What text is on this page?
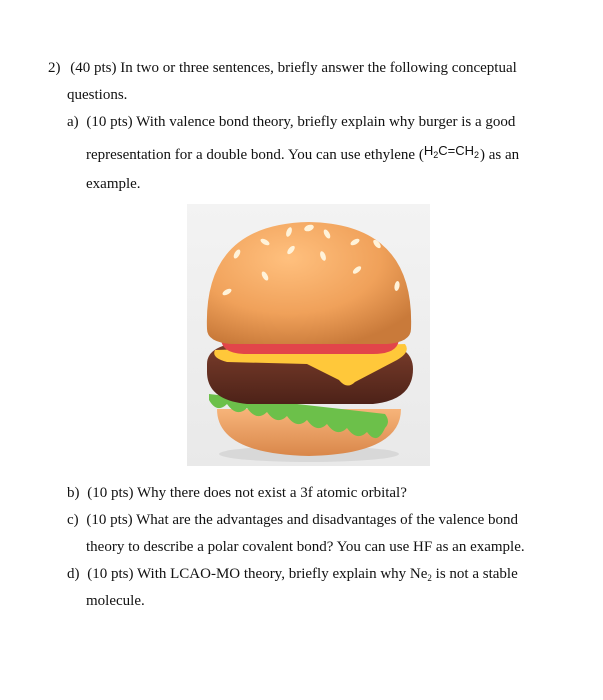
2) (40 pts) In two or three sentences, briefly answer the following conceptual
questions.
a) (10 pts) With valence bond theory, briefly explain why burger is a good
representation for a double bond. You can use ethylene $(H_2C=CH_2)$ as an
example.
b) (10 pts) Why there does not exist a 3f atomic orbital?
c) (10 pts) What are the advantages and disadvantages of the valence bond
theory to describe a polar covalent bond? You can use HF as an example.
d) (10 pts) With LCAO-MO theory, briefly explain why $Ne_2$ is not a stable
molecule.
